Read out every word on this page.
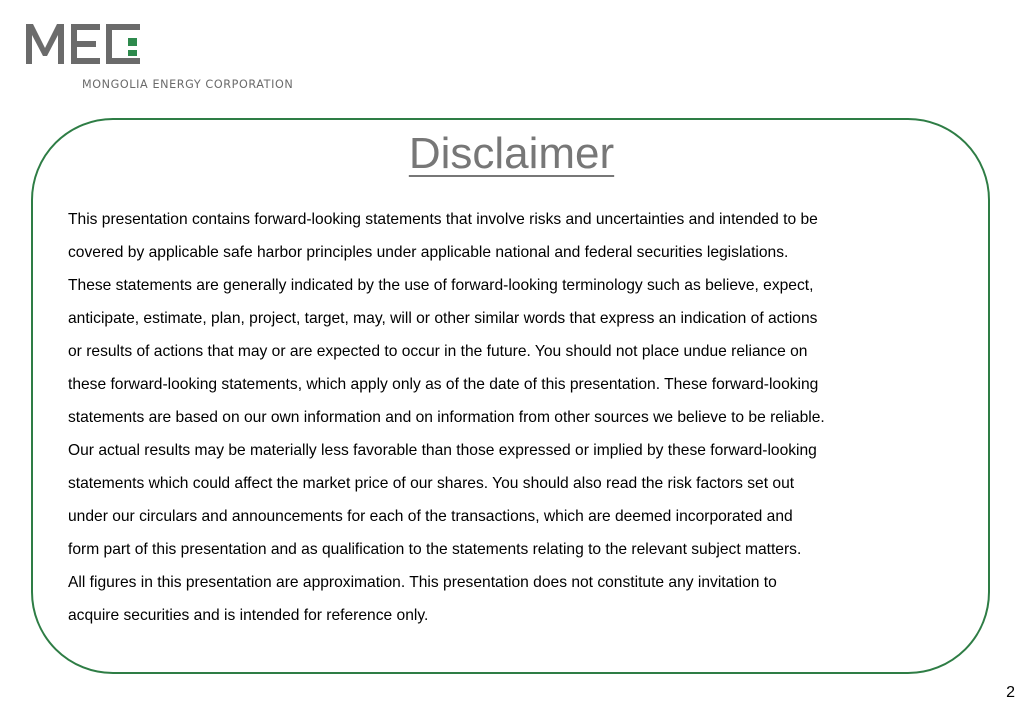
MONGOLIA ENERGY CORPORATION
Disclaimer
This presentation contains forward-looking statements that involve risks and uncertainties and intended to be
covered by applicable safe harbor principles under applicable national and federal securities legislations.
These statements are generally indicated by the use of forward-looking terminology such as believe, expect,
anticipate, estimate, plan, project, target, may, will or other similar words that express an indication of actions
or results of actions that may or are expected to occur in the future. You should not place undue reliance on
these forward-looking statements, which apply only as of the date of this presentation. These forward-looking
statements are based on our own information and on information from other sources we believe to be reliable.
Our actual results may be materially less favorable than those expressed or implied by these forward-looking
statements which could affect the market price of our shares. You should also read the risk factors set out
under our circulars and announcements for each of the transactions, which are deemed incorporated and
form part of this presentation and as qualification to the statements relating to the relevant subject matters.
All figures in this presentation are approximation. This presentation does not constitute any invitation to
acquire securities and is intended for reference only.
2
